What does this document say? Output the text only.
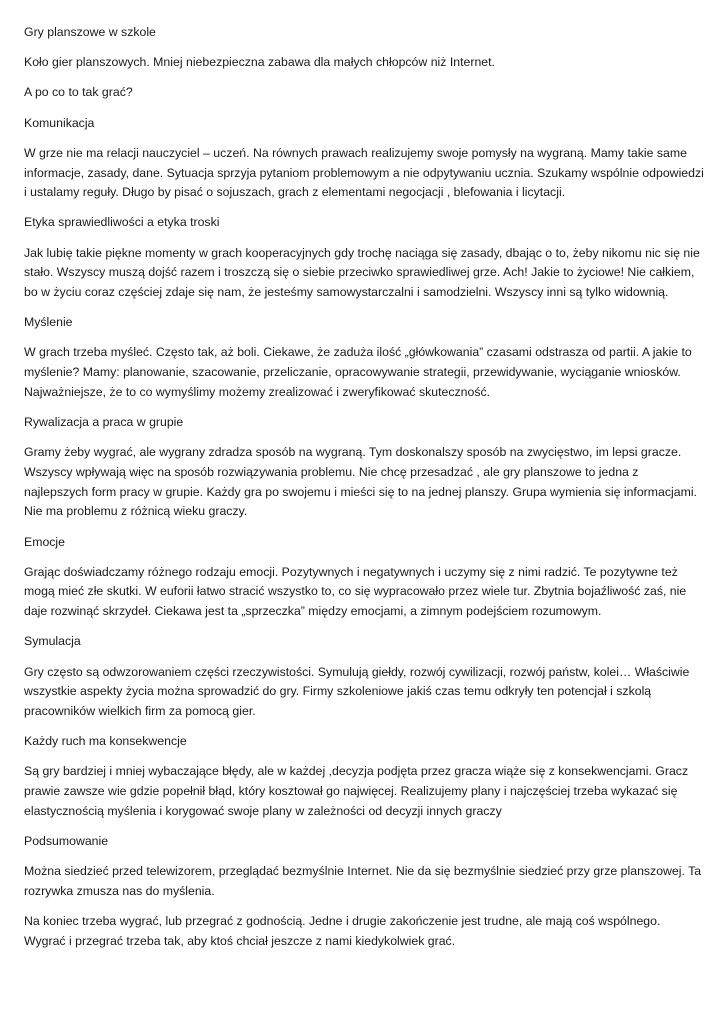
Gry planszowe w szkole

Koło gier planszowych. Mniej niebezpieczna zabawa dla małych chłopców niż Internet.

A po co to tak grać?

Komunikacja

W grze nie ma relacji nauczyciel – uczeń. Na równych prawach realizujemy swoje pomysły na wygraną. Mamy takie same informacje, zasady, dane. Sytuacja sprzyja pytaniom problemowym a nie odpytywaniu ucznia. Szukamy wspólnie odpowiedzi i ustalamy reguły. Długo by pisać o sojuszach, grach z elementami negocjacji , blefowania i licytacji.

Etyka sprawiedliwości a etyka troski

Jak lubię takie piękne momenty w grach kooperacyjnych gdy trochę naciąga się zasady, dbając o to, żeby nikomu nic się nie stało. Wszyscy muszą dojść razem i troszczą się o siebie przeciwko sprawiedliwej grze. Ach! Jakie to życiowe! Nie całkiem, bo w życiu coraz częściej zdaje się nam, że jesteśmy samowystarczalni i samodzielni. Wszyscy inni są tylko widownią.

Myślenie

W grach trzeba myśleć. Często tak, aż boli. Ciekawe, że zaduża ilość „główkowania” czasami odstrasza od partii. A jakie to myślenie? Mamy: planowanie, szacowanie, przeliczanie, opracowywanie strategii, przewidywanie, wyciąganie wniosków. Najważniejsze, że to co wymyślimy możemy zrealizować i zweryfikować skuteczność.

Rywalizacja a praca w grupie

Gramy żeby wygrać, ale wygrany zdradza sposób na wygraną. Tym doskonalszy sposób na zwycięstwo, im lepsi gracze. Wszyscy wpływają więc na sposób rozwiązywania problemu. Nie chcę przesadzać , ale gry planszowe to jedna z najlepszych form pracy w grupie. Każdy gra po swojemu i mieści się to na jednej planszy. Grupa wymienia się informacjami. Nie ma problemu z różnicą wieku graczy.

Emocje

Grając doświadczamy różnego rodzaju emocji. Pozytywnych i negatywnych i uczymy się z nimi radzić. Te pozytywne też mogą mieć złe skutki. W euforii łatwo stracić wszystko to, co się wypracowało przez wiele tur. Zbytnia bojaźliwość zaś, nie daje rozwinąć skrzydeł. Ciekawa jest ta „sprzeczka” między emocjami, a zimnym podejściem rozumowym.

Symulacja

Gry często są odwzorowaniem części rzeczywistości. Symulują giełdy, rozwój cywilizacji, rozwój państw, kolei… Właściwie wszystkie aspekty życia można sprowadzić do gry. Firmy szkoleniowe jakiś czas temu odkryły ten potencjał i szkolą pracowników wielkich firm za pomocą gier.

Każdy ruch ma konsekwencje

Są gry bardziej i mniej wybaczające błędy, ale w każdej ,decyzja podjęta przez gracza wiąże się z konsekwencjami. Gracz prawie zawsze wie gdzie popełnił błąd, który kosztował go najwięcej. Realizujemy plany i najczęściej trzeba wykazać się elastycznością myślenia i korygować swoje plany w zależności od decyzji innych graczy

Podsumowanie

Można siedzieć przed telewizorem, przeglądać bezmyślnie Internet. Nie da się bezmyślnie siedzieć przy grze planszowej. Ta rozrywka zmusza nas do myślenia.

Na koniec trzeba wygrać, lub przegrać z godnością. Jedne i drugie zakończenie jest trudne, ale mają coś wspólnego. Wygrać i przegrać trzeba tak, aby ktoś chciał jeszcze z nami kiedykolwiek grać.
